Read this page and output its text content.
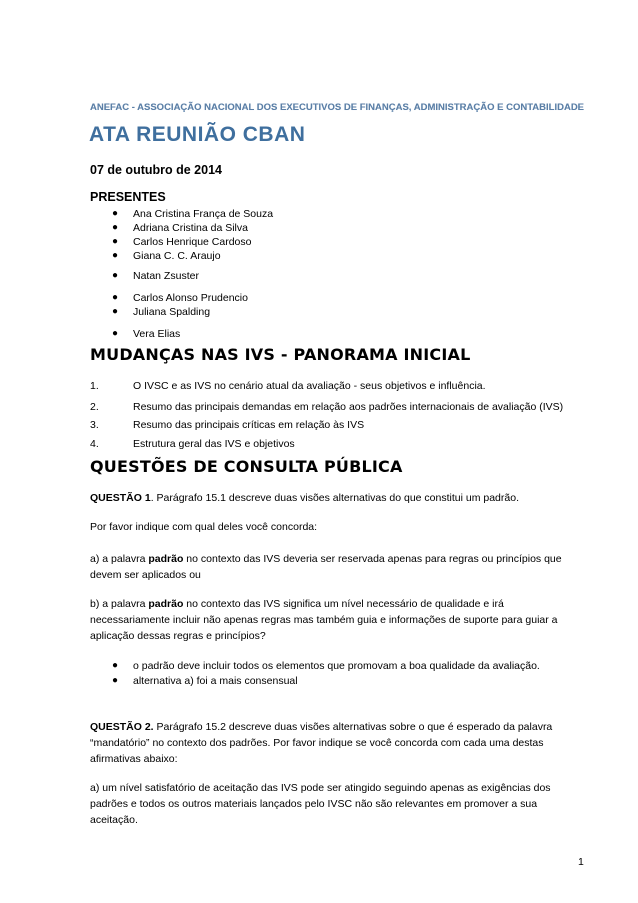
ANEFAC - ASSOCIAÇÃO NACIONAL DOS EXECUTIVOS DE FINANÇAS, ADMINISTRAÇÃO E CONTABILIDADE
ATA REUNIÃO CBAN
07 de outubro de 2014
PRESENTES
● Ana Cristina França de Souza
● Adriana Cristina da Silva
● Carlos Henrique Cardoso
● Giana C. C. Araujo
● Natan Zsuster
● Carlos Alonso Prudencio
● Juliana Spalding
● Vera Elias
MUDANÇAS NAS IVS - PANORAMA INICIAL
1.	O IVSC e as IVS no cenário atual da avaliação - seus objetivos e influência.
2.	Resumo das principais demandas em relação aos padrões internacionais de avaliação (IVS)
3.	Resumo das principais críticas em relação às IVS
4.	Estrutura geral das IVS e objetivos
QUESTÕES DE CONSULTA PÚBLICA
QUESTÃO 1. Parágrafo 15.1 descreve duas visões alternativas do que constitui um padrão.
Por favor indique com qual deles você concorda:
a) a palavra padrão no contexto das IVS deveria ser reservada apenas para regras ou princípios que
devem ser aplicados ou
b) a palavra padrão no contexto das IVS significa um nível necessário de qualidade e irá
necessariamente incluir não apenas regras mas também guia e informações de suporte para guiar a
aplicação dessas regras e princípios?
● o padrão deve incluir todos os elementos que promovam a boa qualidade da avaliação.
● alternativa a) foi a mais consensual
QUESTÃO 2. Parágrafo 15.2 descreve duas visões alternativas sobre o que é esperado da palavra
“mandatório” no contexto dos padrões. Por favor indique se você concorda com cada uma destas
afirmativas abaixo:
a) um nível satisfatório de aceitação das IVS pode ser atingido seguindo apenas as exigências dos
padrões e todos os outros materiais lançados pelo IVSC não são relevantes em promover a sua
aceitação.
1
